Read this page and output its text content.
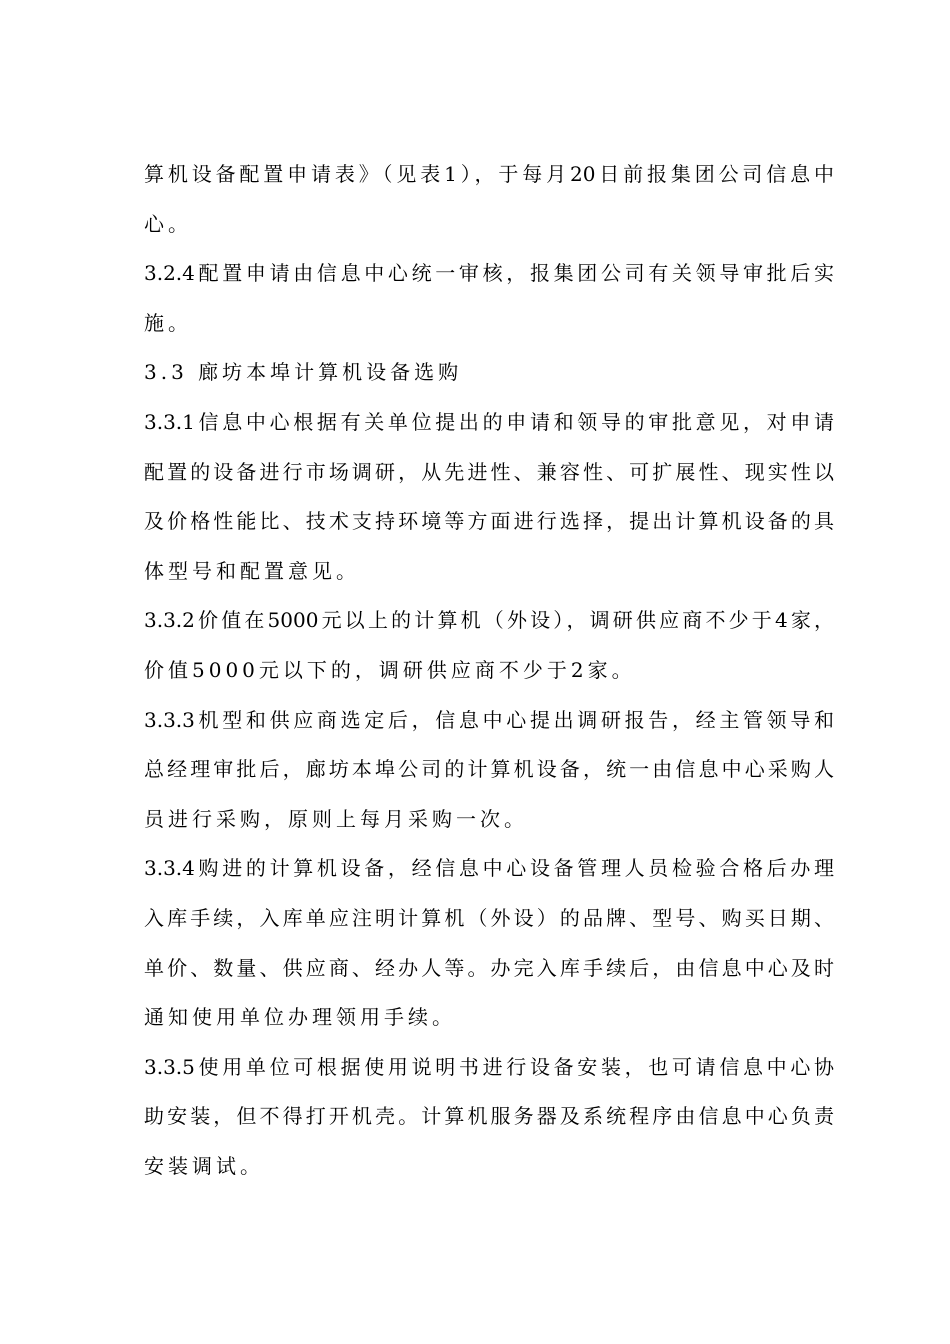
算机设备配置申请表》（见表1），于每月20日前报集团公司信息中
心。
3.2.4配置申请由信息中心统一审核，报集团公司有关领导审批后实
施。
3.3 廊坊本埠计算机设备选购
3.3.1信息中心根据有关单位提出的申请和领导的审批意见，对申请
配置的设备进行市场调研，从先进性、兼容性、可扩展性、现实性以
及价格性能比、技术支持环境等方面进行选择，提出计算机设备的具
体型号和配置意见。
3.3.2价值在5000元以上的计算机（外设），调研供应商不少于4家，
价值5000元以下的，调研供应商不少于2家。
3.3.3机型和供应商选定后，信息中心提出调研报告，经主管领导和
总经理审批后，廊坊本埠公司的计算机设备，统一由信息中心采购人
员进行采购，原则上每月采购一次。
3.3.4购进的计算机设备，经信息中心设备管理人员检验合格后办理
入库手续，入库单应注明计算机（外设）的品牌、型号、购买日期、
单价、数量、供应商、经办人等。办完入库手续后，由信息中心及时
通知使用单位办理领用手续。
3.3.5使用单位可根据使用说明书进行设备安装，也可请信息中心协
助安装，但不得打开机壳。计算机服务器及系统程序由信息中心负责
安装调试。
